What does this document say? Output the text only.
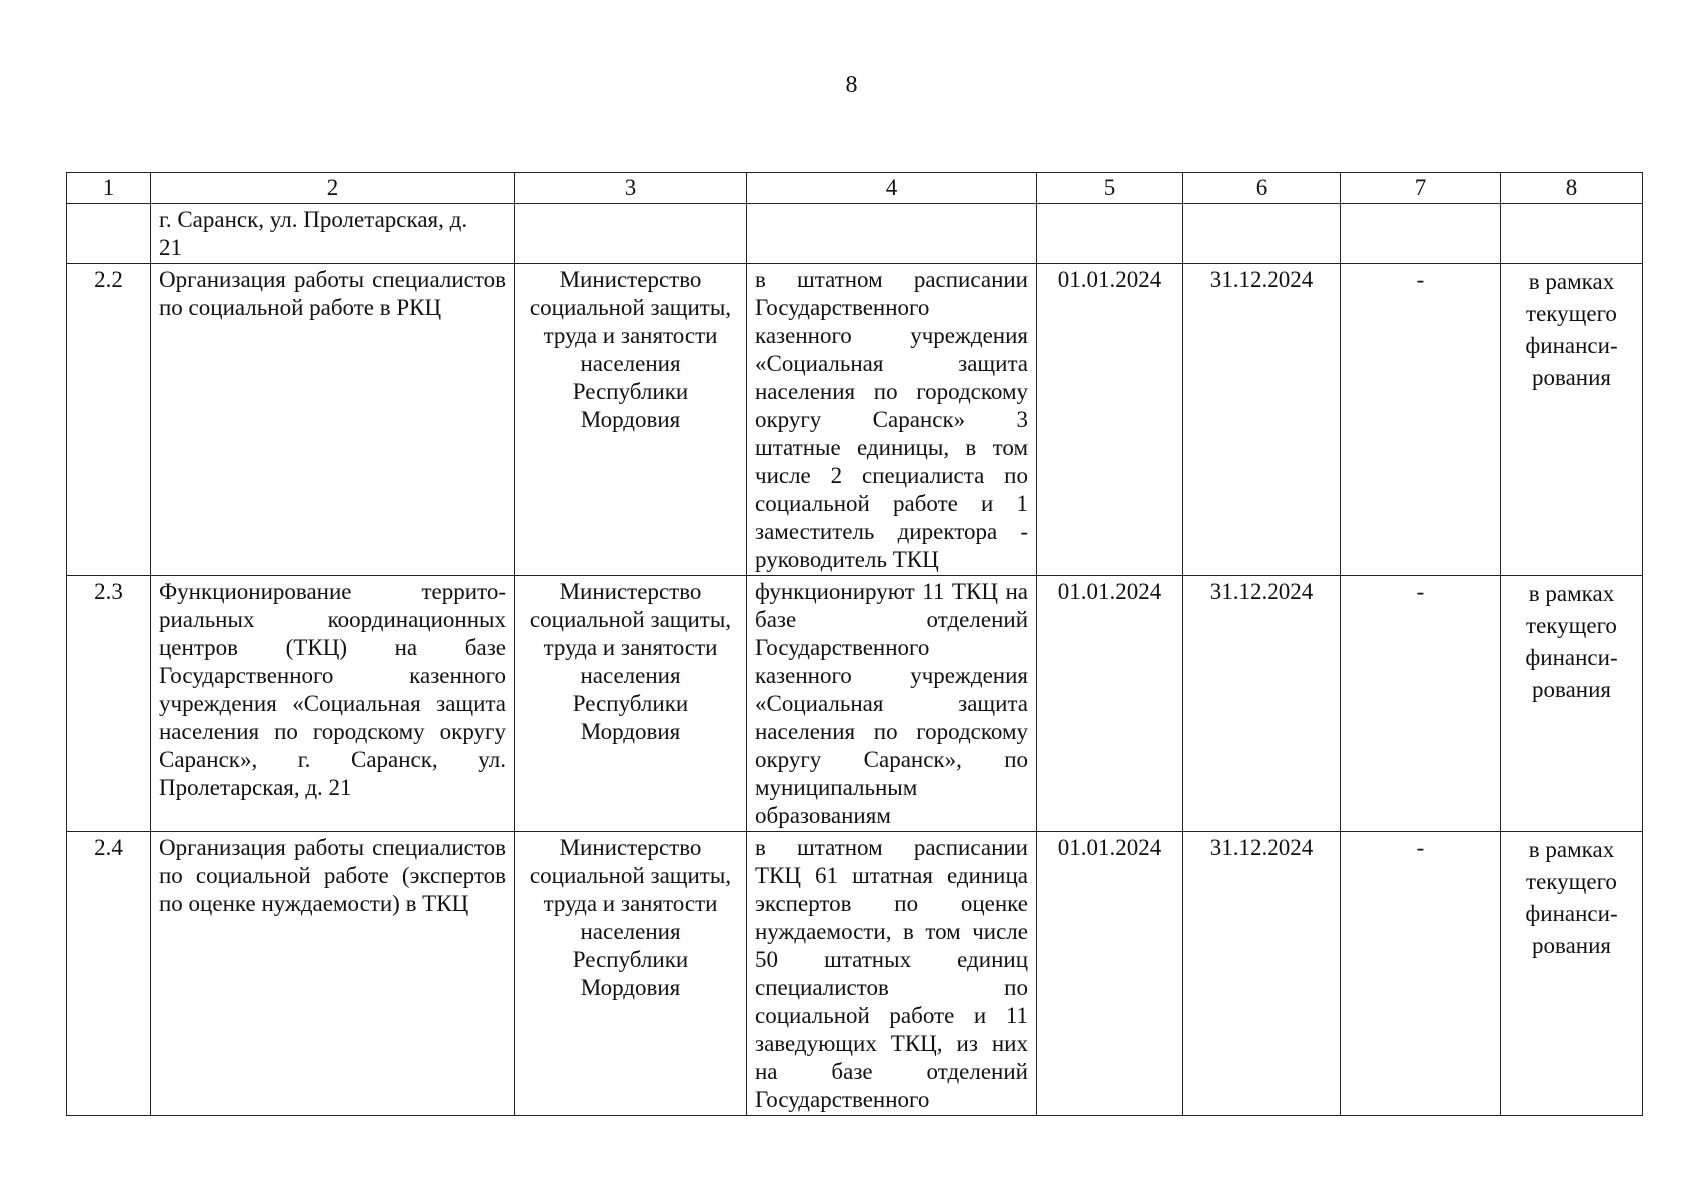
8
1	2	3	4	5	6	7	8
	г. Саранск, ул. Пролетарская, д. 21						
2.2	Организация работы специалистов по социальной работе в РКЦ	Министерство социальной защиты, труда и занятости населения Республики Мордовия	в штатном расписании Государственного казенного учреждения «Социальная защита населения по городскому округу Саранск» 3 штатные единицы, в том числе 2 специалиста по социальной работе и 1 заместитель директора - руководитель ТКЦ	01.01.2024	31.12.2024	-	в рамках текущего финанси-рования
2.3	Функционирование террито-риальных координационных центров (ТКЦ) на базе Государственного казенного учреждения «Социальная защита населения по городскому округу Саранск», г. Саранск, ул. Пролетарская, д. 21	Министерство социальной защиты, труда и занятости населения Республики Мордовия	функционируют 11 ТКЦ на базе отделений Государственного казенного учреждения «Социальная защита населения по городскому округу Саранск», по муниципальным образованиям	01.01.2024	31.12.2024	-	в рамках текущего финанси-рования
2.4	Организация работы специалистов по социальной работе (экспертов по оценке нуждаемости) в ТКЦ	Министерство социальной защиты, труда и занятости населения Республики Мордовия	в штатном расписании ТКЦ 61 штатная единица экспертов по оценке нуждаемости, в том числе 50 штатных единиц специалистов по социальной работе и 11 заведующих ТКЦ, из них на базе отделений Государственного	01.01.2024	31.12.2024	-	в рамках текущего финанси-рования
